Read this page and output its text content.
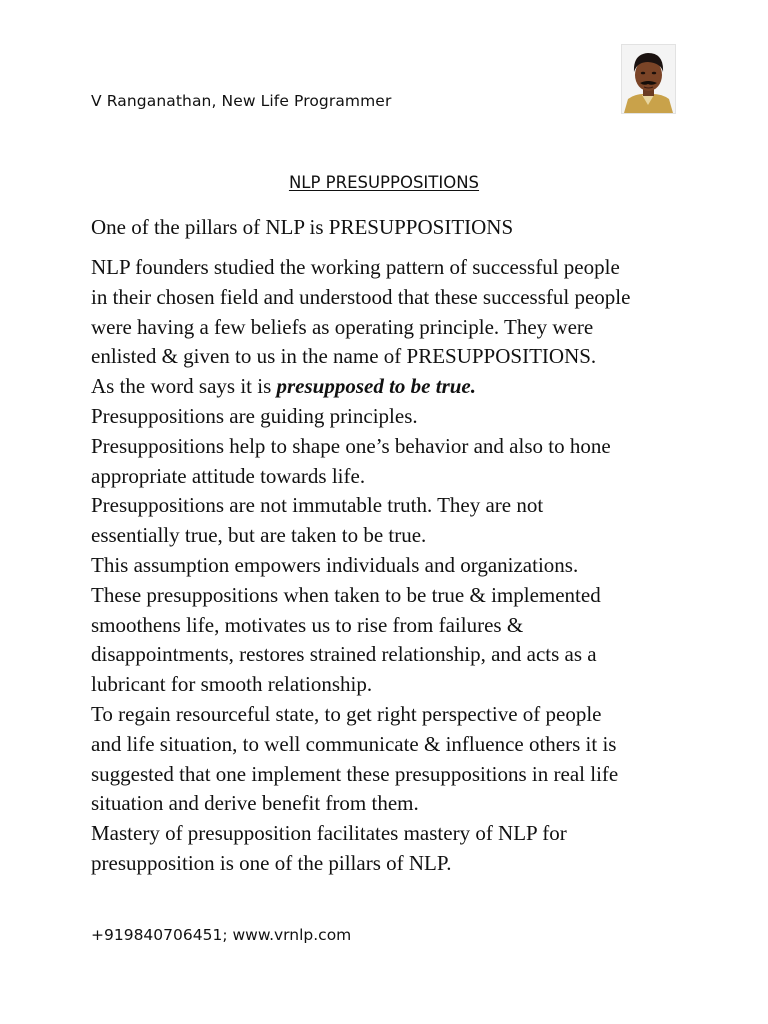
V Ranganathan, New Life Programmer
NLP PRESUPPOSITIONS
One of the pillars of NLP is PRESUPPOSITIONS
NLP founders studied the working pattern of successful people
in their chosen field and understood that these successful people
were having a few beliefs as operating principle. They were
enlisted & given to us in the name of PRESUPPOSITIONS.
As the word says it is presupposed to be true.
Presuppositions are guiding principles.
Presuppositions help to shape one’s behavior and also to hone
appropriate attitude towards life.
Presuppositions are not immutable truth. They are not
essentially true, but are taken to be true.
This assumption empowers individuals and organizations.
These presuppositions when taken to be true & implemented
smoothens life, motivates us to rise from failures &
disappointments, restores strained relationship, and acts as a
lubricant for smooth relationship.
To regain resourceful state, to get right perspective of people
and life situation, to well communicate & influence others it is
suggested that one implement these presuppositions in real life
situation and derive benefit from them.
Mastery of presupposition facilitates mastery of NLP for
presupposition is one of the pillars of NLP.
+919840706451; www.vrnlp.com
